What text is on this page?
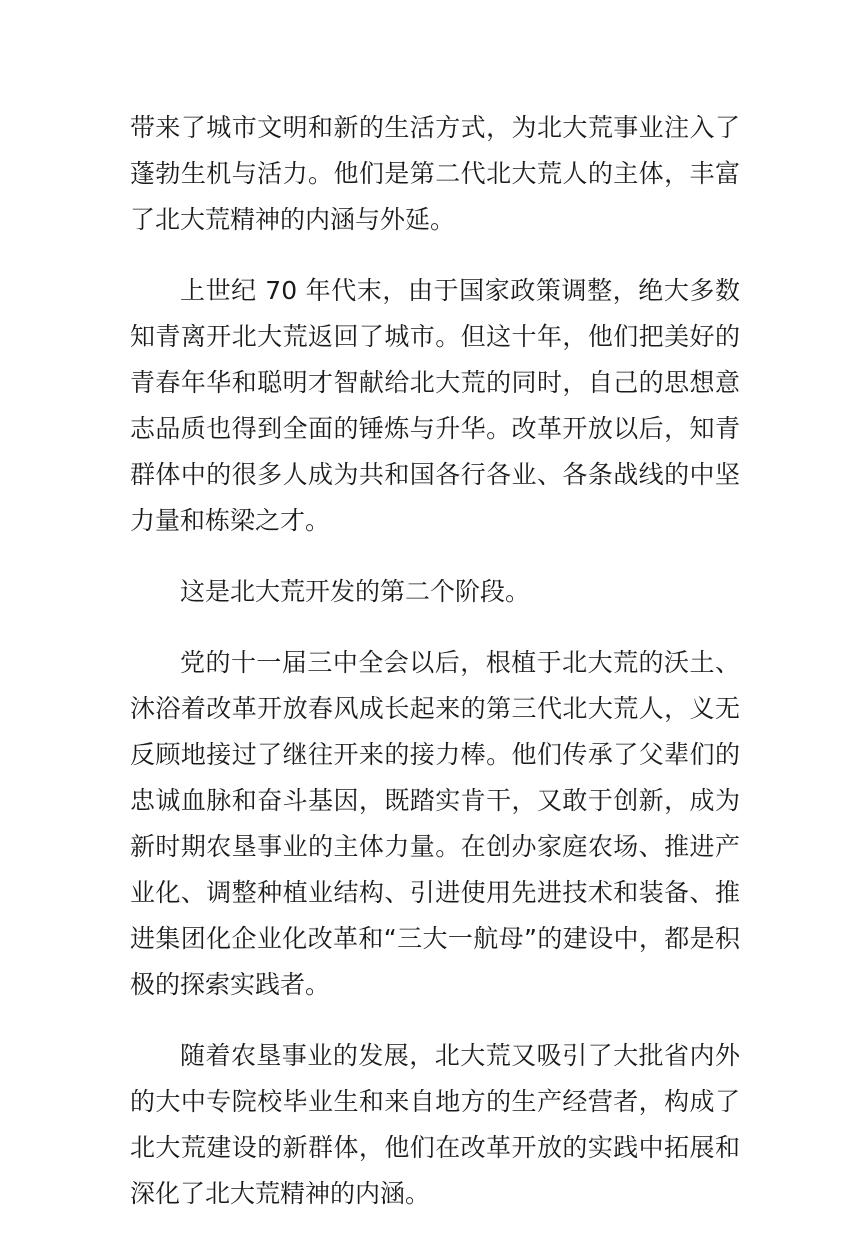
带来了城市文明和新的生活方式，为北大荒事业注入了蓬勃生机与活力。他们是第二代北大荒人的主体，丰富了北大荒精神的内涵与外延。

上世纪 70 年代末，由于国家政策调整，绝大多数知青离开北大荒返回了城市。但这十年，他们把美好的青春年华和聪明才智献给北大荒的同时，自己的思想意志品质也得到全面的锤炼与升华。改革开放以后，知青群体中的很多人成为共和国各行各业、各条战线的中坚力量和栋梁之才。

这是北大荒开发的第二个阶段。

党的十一届三中全会以后，根植于北大荒的沃土、沐浴着改革开放春风成长起来的第三代北大荒人，义无反顾地接过了继往开来的接力棒。他们传承了父辈们的忠诚血脉和奋斗基因，既踏实肯干，又敢于创新，成为新时期农垦事业的主体力量。在创办家庭农场、推进产业化、调整种植业结构、引进使用先进技术和装备、推进集团化企业化改革和“三大一航母”的建设中，都是积极的探索实践者。

随着农垦事业的发展，北大荒又吸引了大批省内外的大中专院校毕业生和来自地方的生产经营者，构成了北大荒建设的新群体，他们在改革开放的实践中拓展和深化了北大荒精神的内涵。
